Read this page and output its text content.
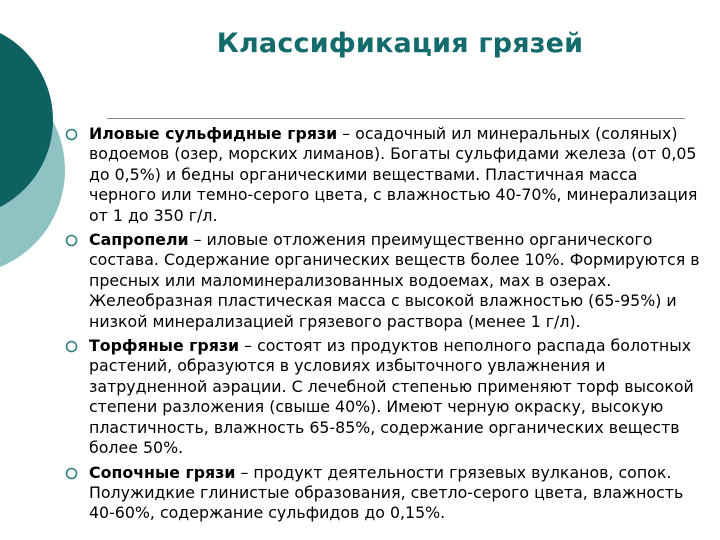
Классификация грязей
Иловые сульфидные грязи – осадочный ил минеральных (соляных) водоемов (озер, морских лиманов). Богаты сульфидами железа (от 0,05 до 0,5%) и бедны органическими веществами. Пластичная масса черного или темно-серого цвета, с влажностью 40-70%, минерализация от 1 до 350 г/л.
Сапропели – иловые отложения преимущественно органического состава. Содержание органических веществ более 10%. Формируются в пресных или маломинерализованных водоемах, мах в озерах. Желеобразная пластическая масса с высокой влажностью (65-95%) и низкой минерализацией грязевого раствора (менее 1 г/л).
Торфяные грязи – состоят из продуктов неполного распада болотных растений, образуются в условиях избыточного увлажнения и затрудненной аэрации. С лечебной степенью применяют торф высокой степени разложения (свыше 40%). Имеют черную окраску, высокую пластичность, влажность 65-85%, содержание органических веществ более 50%.
Сопочные грязи – продукт деятельности грязевых вулканов, сопок. Полужидкие глинистые образования, светло-серого цвета, влажность 40-60%, содержание сульфидов до 0,15%.
